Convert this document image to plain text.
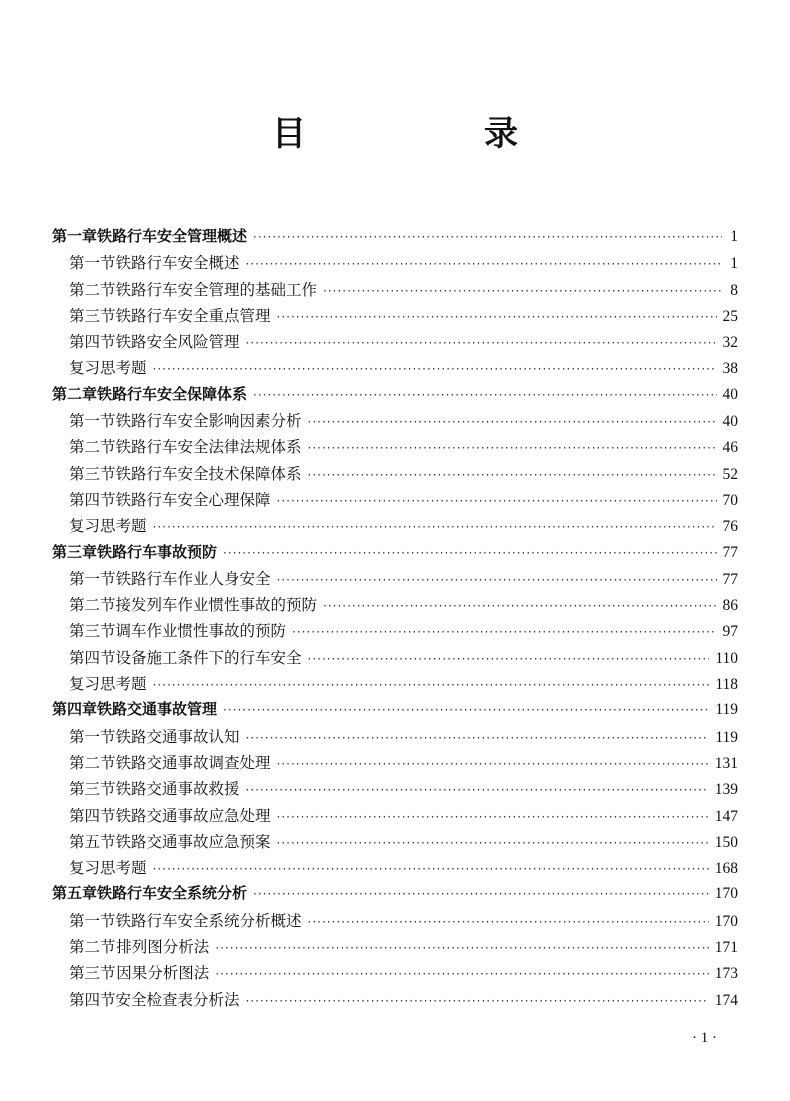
目　录
第一章 铁路行车安全管理概述 ·····	1
第一节 铁路行车安全概述 ·····	1
第二节 铁路行车安全管理的基础工作 ·····	8
第三节 铁路行车安全重点管理 ·····	25
第四节 铁路安全风险管理 ·····	32
复习思考题 ·····	38
第二章 铁路行车安全保障体系 ·····	40
第一节 铁路行车安全影响因素分析 ·····	40
第二节 铁路行车安全法律法规体系 ·····	46
第三节 铁路行车安全技术保障体系 ·····	52
第四节 铁路行车安全心理保障 ·····	70
复习思考题 ·····	76
第三章 铁路行车事故预防 ·····	77
第一节 铁路行车作业人身安全 ·····	77
第二节 接发列车作业惯性事故的预防 ·····	86
第三节 调车作业惯性事故的预防 ·····	97
第四节 设备施工条件下的行车安全 ·····	110
复习思考题 ·····	118
第四章 铁路交通事故管理 ·····	119
第一节 铁路交通事故认知 ·····	119
第二节 铁路交通事故调查处理 ·····	131
第三节 铁路交通事故救援 ·····	139
第四节 铁路交通事故应急处理 ·····	147
第五节 铁路交通事故应急预案 ·····	150
复习思考题 ·····	168
第五章 铁路行车安全系统分析 ·····	170
第一节 铁路行车安全系统分析概述 ·····	170
第二节 排列图分析法 ·····	171
第三节 因果分析图法 ·····	173
第四节 安全检查表分析法 ·····	174
· 1 ·
